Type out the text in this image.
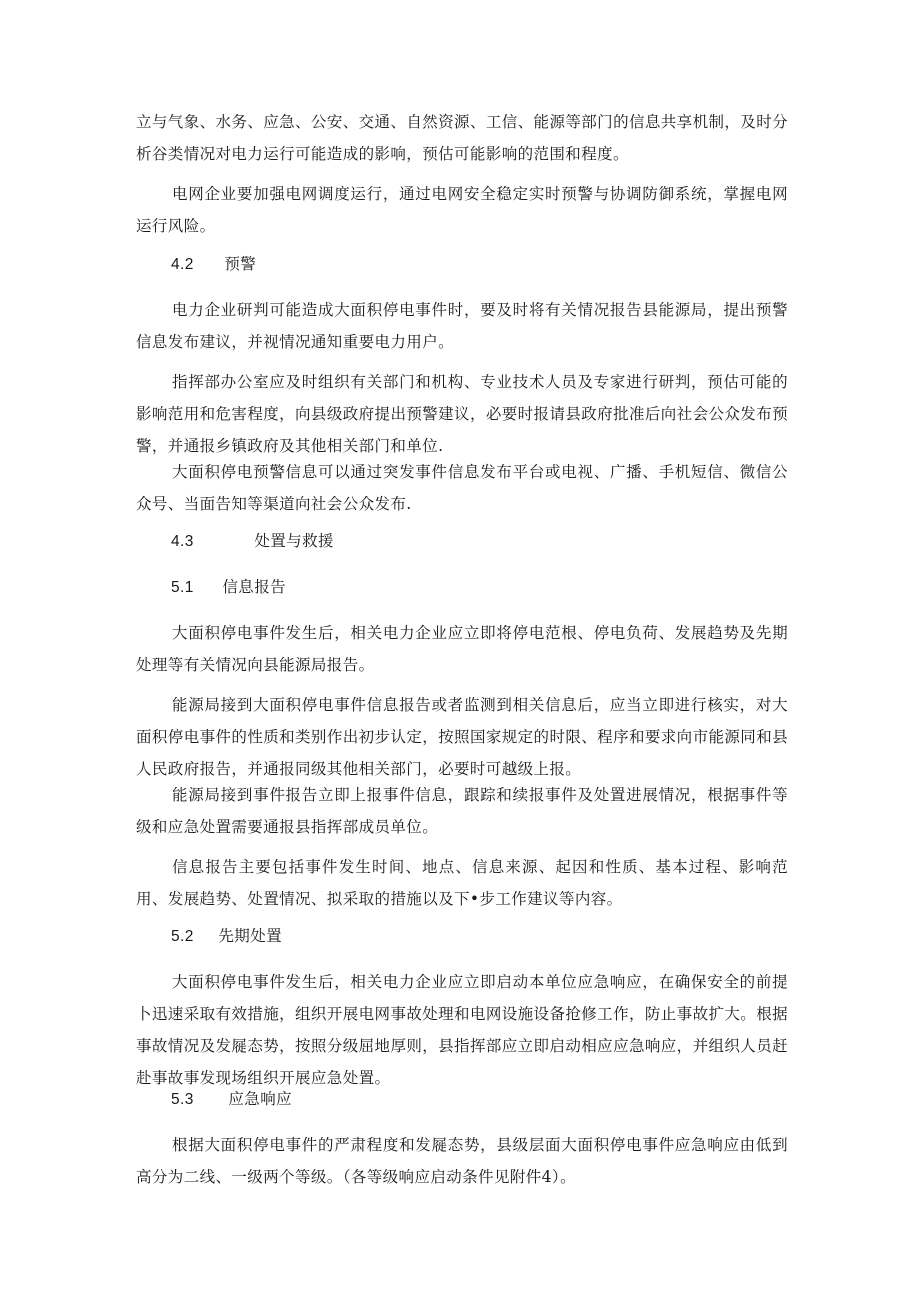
立与气象、水务、应急、公安、交通、自然资源、工信、能源等部门的信息共享机制，及时分析谷类情况对电力运行可能造成的影响，预估可能影响的范围和程度。

电网企业要加强电网调度运行，通过电网安全稳定实时预警与协调防御系统，掌握电网运行风险。

4.2 预警

电力企业研判可能造成大面积停电事件时，要及时将有关情况报告县能源局，提出预警信息发布建议，并视情况通知重要电力用户。

指挥部办公室应及时组织有关部门和机构、专业技术人员及专家进行研判，预估可能的影响范用和危害程度，向县级政府提出预警建议，必要时报请县政府批准后向社会公众发布预警，并通报乡镇政府及其他相关部门和单位.

大面积停电预警信息可以通过突发事件信息发布平台或电视、广播、手机短信、微信公众号、当面告知等渠道向社会公众发布.

4.3	处置与救援
5.1 信息报告

大面积停电事件发生后，相关电力企业应立即将停电范根、停电负荷、发展趋势及先期处理等有关情况向县能源局报告。

能源局接到大面积停电事件信息报告或者监测到相关信息后，应当立即进行核实，对大面积停电事件的性质和类别作出初步认定，按照国家规定的时限、程序和要求向市能源同和县人民政府报告，并通报同级其他相关部门，必要时可越级上报。

能源局接到事件报告立即上报事件信息，跟踪和续报事件及处置进展情况，根据事件等级和应急处置需要通报县指挥部成员单位。

信息报告主要包括事件发生时间、地点、信息来源、起因和性质、基本过程、影响范用、发展趋势、处置情况、拟采取的措施以及下•步工作建议等内容。

5.2 先期处置

大面积停电事件发生后，相关电力企业应立即启动本单位应急响应，在确保安全的前提卜迅速采取有效措施，组织开展电网事故处理和电网设施设备抢修工作，防止事故扩大。根据事故情况及发屣态势，按照分级屈地厚则，县指挥部应立即启动相应应急响应，并组织人员赶赴事故事发现场组织开展应急处置。

5.3 应急响应

根据大面积停电事件的严肃程度和发屣态势，县级层面大面积停电事件应急响应由低到高分为二线、一级两个等级。（各等级响应启动条件见附件4）。
